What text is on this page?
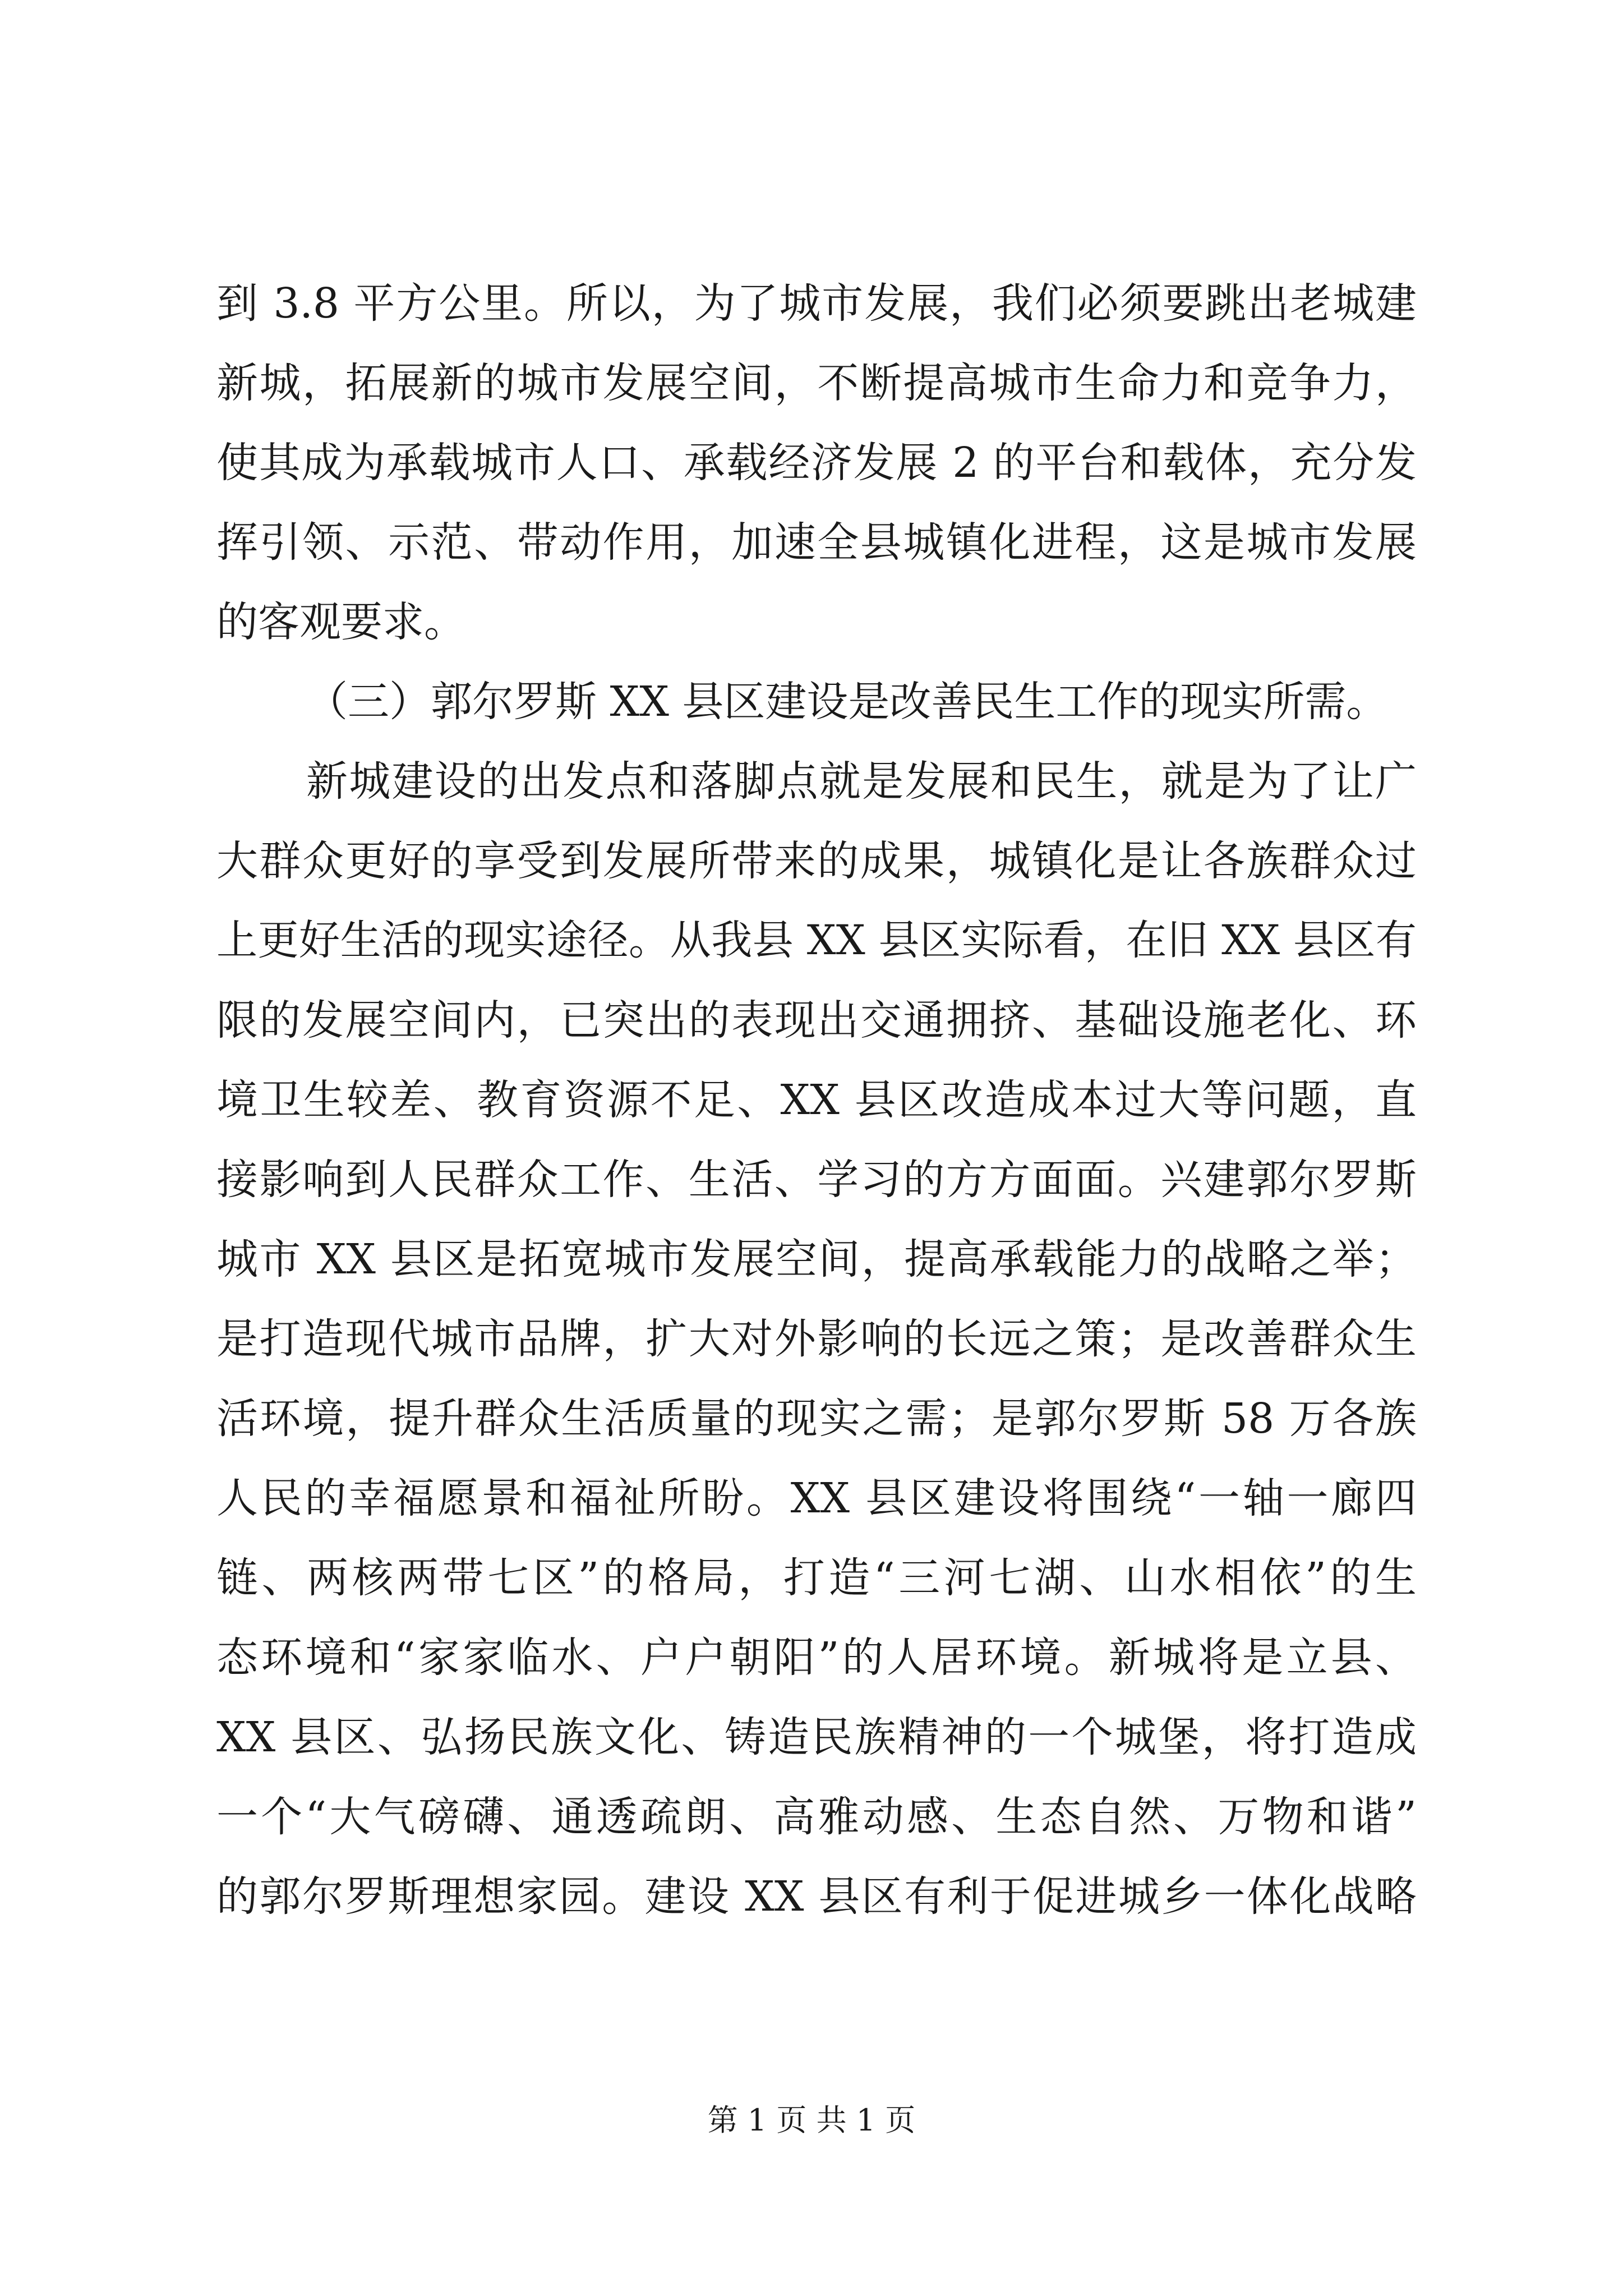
到 3.8 平方公里。所以，为了城市发展，我们必须要跳出老城建
新城，拓展新的城市发展空间，不断提高城市生命力和竞争力，
使其成为承载城市人口、承载经济发展 2 的平台和载体，充分发
挥引领、示范、带动作用，加速全县城镇化进程，这是城市发展
的客观要求。
（三）郭尔罗斯 XX 县区建设是改善民生工作的现实所需。
新城建设的出发点和落脚点就是发展和民生，就是为了让广
大群众更好的享受到发展所带来的成果，城镇化是让各族群众过
上更好生活的现实途径。从我县 XX 县区实际看，在旧 XX 县区有
限的发展空间内，已突出的表现出交通拥挤、基础设施老化、环
境卫生较差、教育资源不足、XX 县区改造成本过大等问题，直
接影响到人民群众工作、生活、学习的方方面面。兴建郭尔罗斯
城市 XX 县区是拓宽城市发展空间，提高承载能力的战略之举；
是打造现代城市品牌，扩大对外影响的长远之策；是改善群众生
活环境，提升群众生活质量的现实之需；是郭尔罗斯 58 万各族
人民的幸福愿景和福祉所盼。XX 县区建设将围绕“一轴一廊四
链、两核两带七区”的格局，打造“三河七湖、山水相依”的生
态环境和“家家临水、户户朝阳”的人居环境。新城将是立县、
XX 县区、弘扬民族文化、铸造民族精神的一个城堡，将打造成
一个“大气磅礴、通透疏朗、高雅动感、生态自然、万物和谐”
的郭尔罗斯理想家园。建设 XX 县区有利于促进城乡一体化战略
第 1 页 共 1 页
